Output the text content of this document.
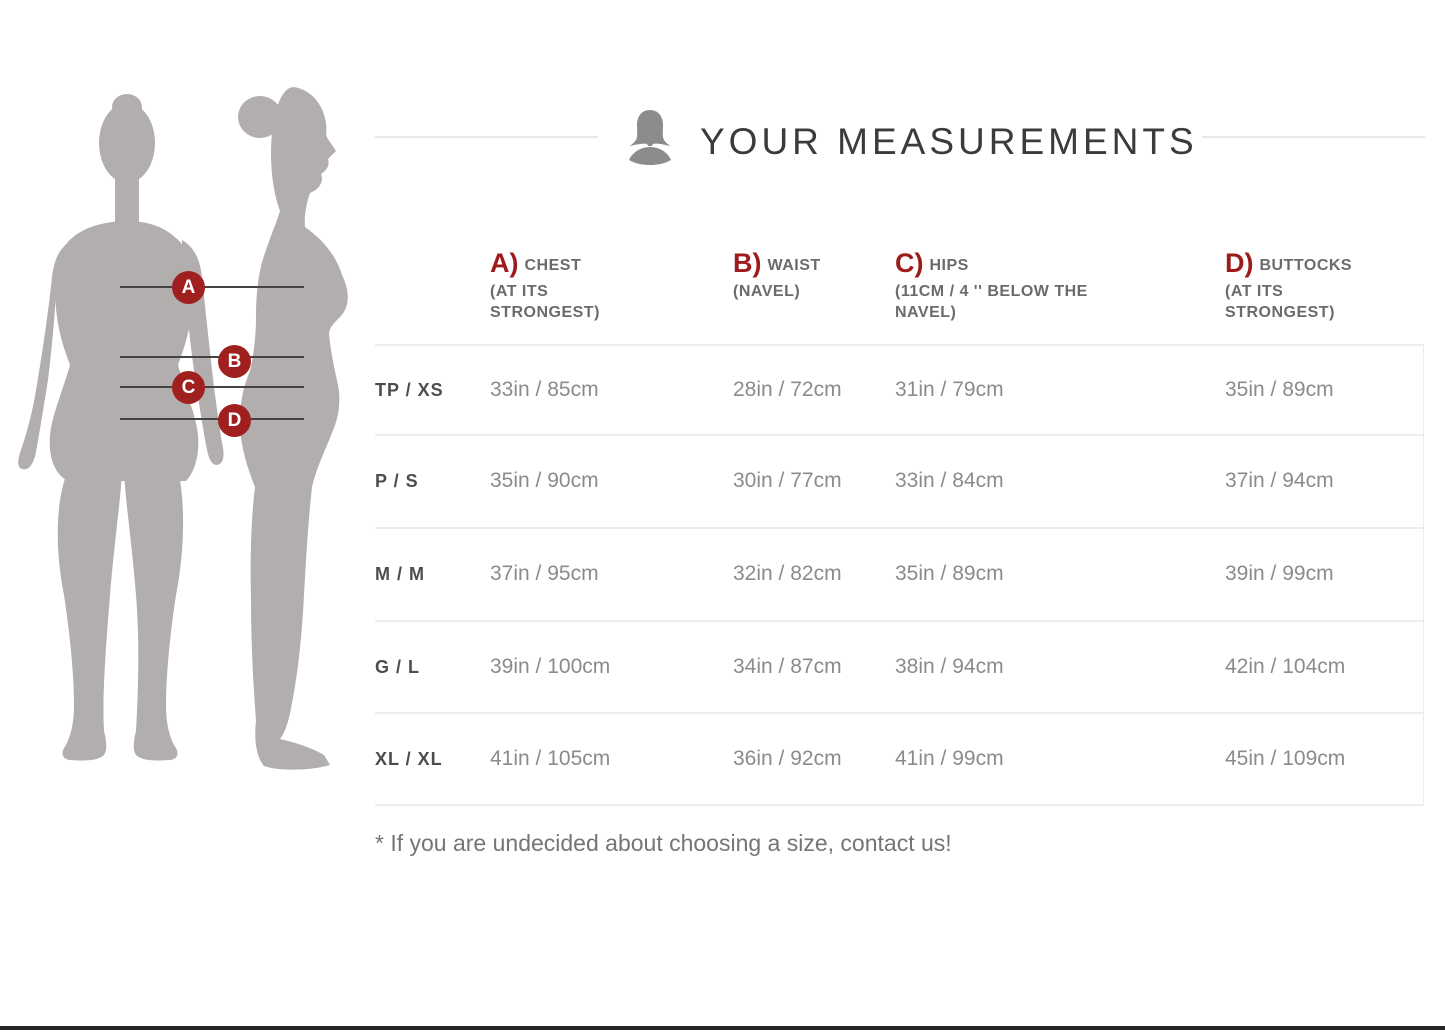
A
B
C
D
YOUR MEASUREMENTS
A) CHEST
(AT ITS STRONGEST)
B) WAIST
(NAVEL)
C) HIPS
(11CM / 4 '' BELOW THE NAVEL)
D) BUTTOCKS
(AT ITS STRONGEST)
TP / XS 33in / 85cm	28in / 72cm	31in / 79cm	35in / 89cm
P / S	35in / 90cm	30in / 77cm	33in / 84cm	37in / 94cm
M / M	37in / 95cm	32in / 82cm	35in / 89cm	39in / 99cm
G / L	39in / 100cm	34in / 87cm	38in / 94cm	42in / 104cm
XL / XL 41in / 105cm	36in / 92cm	41in / 99cm	45in / 109cm
* If you are undecided about choosing a size, contact us!
